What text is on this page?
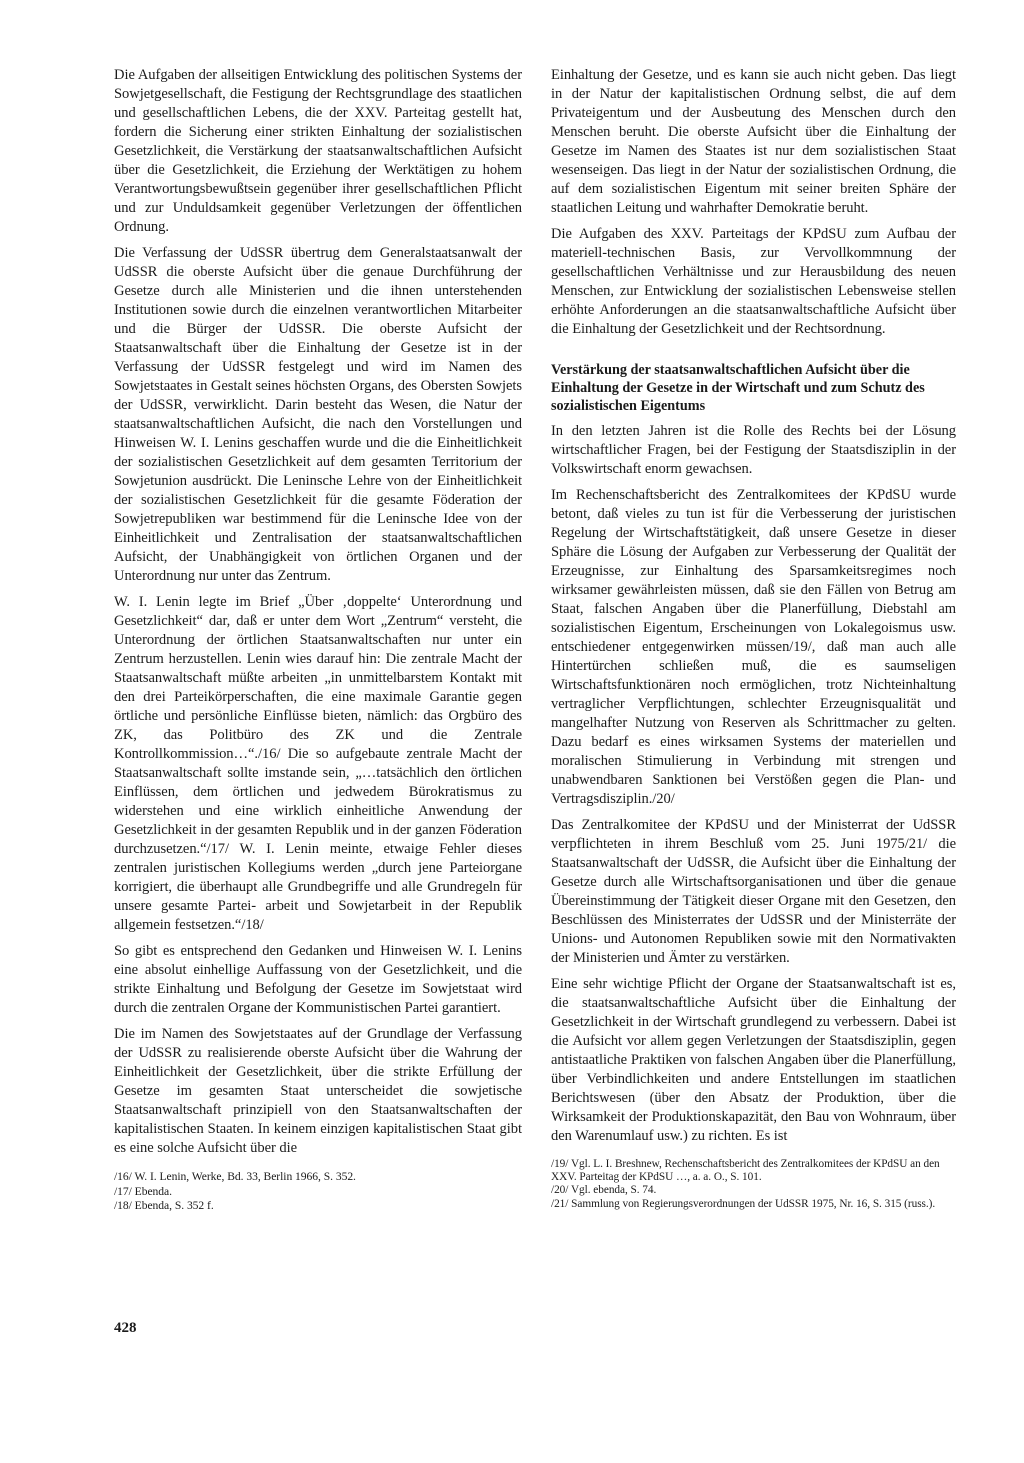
Die Aufgaben der allseitigen Entwicklung des politischen Systems der Sowjetgesellschaft, die Festigung der Rechtsgrundlage des staatlichen und gesellschaftlichen Lebens, die der XXV. Parteitag gestellt hat, fordern die Sicherung einer strikten Einhaltung der sozialistischen Gesetzlichkeit, die Verstärkung der staatsanwaltschaftlichen Aufsicht über die Gesetzlichkeit, die Erziehung der Werktätigen zu hohem Verantwortungsbewußtsein gegenüber ihrer gesellschaftlichen Pflicht und zur Unduldsamkeit gegenüber Verletzungen der öffentlichen Ordnung.

Die Verfassung der UdSSR übertrug dem Generalstaatsanwalt der UdSSR die oberste Aufsicht über die genaue Durchführung der Gesetze durch alle Ministerien und die ihnen unterstehenden Institutionen sowie durch die einzelnen verantwortlichen Mitarbeiter und die Bürger der UdSSR. Die oberste Aufsicht der Staatsanwaltschaft über die Einhaltung der Gesetze ist in der Verfassung der UdSSR festgelegt und wird im Namen des Sowjetstaates in Gestalt seines höchsten Organs, des Obersten Sowjets der UdSSR, verwirklicht. Darin besteht das Wesen, die Natur der staatsanwaltschaftlichen Aufsicht, die nach den Vorstellungen und Hinweisen W. I. Lenins geschaffen wurde und die die Einheitlichkeit der sozialistischen Gesetzlichkeit auf dem gesamten Territorium der Sowjetunion ausdrückt. Die Leninsche Lehre von der Einheitlichkeit der sozialistischen Gesetzlichkeit für die gesamte Föderation der Sowjetrepubliken war bestimmend für die Leninsche Idee von der Einheitlichkeit und Zentralisation der staatsanwaltschaftlichen Aufsicht, der Unabhängigkeit von örtlichen Organen und der Unterordnung nur unter das Zentrum.

W. I. Lenin legte im Brief „Über ‚doppelte‘ Unterordnung und Gesetzlichkeit“ dar, daß er unter dem Wort „Zentrum“ versteht, die Unterordnung der örtlichen Staatsanwaltschaften nur unter ein Zentrum herzustellen. Lenin wies darauf hin: Die zentrale Macht der Staatsanwaltschaft müßte arbeiten „in unmittelbarstem Kontakt mit den drei Parteikörperschaften, die eine maximale Garantie gegen örtliche und persönliche Einflüsse bieten, nämlich: das Orgbüro des ZK, das Politbüro des ZK und die Zentrale Kontrollkommission…“./16/ Die so aufgebaute zentrale Macht der Staatsanwaltschaft sollte imstande sein, „…tatsächlich den örtlichen Einflüssen, dem örtlichen und jedwedem Bürokratismus zu widerstehen und eine wirklich einheitliche Anwendung der Gesetzlichkeit in der gesamten Republik und in der ganzen Föderation durchzusetzen.“/17/ W. I. Lenin meinte, etwaige Fehler dieses zentralen juristischen Kollegiums werden „durch jene Parteiorgane korrigiert, die überhaupt alle Grundbegriffe und alle Grundregeln für unsere gesamte Partei- arbeit und Sowjetarbeit in der Republik allgemein festsetzen.“/18/

So gibt es entsprechend den Gedanken und Hinweisen W. I. Lenins eine absolut einhellige Auffassung von der Gesetzlichkeit, und die strikte Einhaltung und Befolgung der Gesetze im Sowjetstaat wird durch die zentralen Organe der Kommunistischen Partei garantiert.

Die im Namen des Sowjetstaates auf der Grundlage der Verfassung der UdSSR zu realisierende oberste Aufsicht über die Wahrung der Einheitlichkeit der Gesetzlichkeit, über die strikte Erfüllung der Gesetze im gesamten Staat unterscheidet die sowjetische Staatsanwaltschaft prinzipiell von den Staatsanwaltschaften der kapitalistischen Staaten. In keinem einzigen kapitalistischen Staat gibt es eine solche Aufsicht über die

/16/ W. I. Lenin, Werke, Bd. 33, Berlin 1966, S. 352.

/17/ Ebenda.

/18/ Ebenda, S. 352 f.

Einhaltung der Gesetze, und es kann sie auch nicht geben. Das liegt in der Natur der kapitalistischen Ordnung selbst, die auf dem Privateigentum und der Ausbeutung des Menschen durch den Menschen beruht. Die oberste Aufsicht über die Einhaltung der Gesetze im Namen des Staates ist nur dem sozialistischen Staat wesenseigen. Das liegt in der Natur der sozialistischen Ordnung, die auf dem sozialistischen Eigentum mit seiner breiten Sphäre der staatlichen Leitung und wahrhafter Demokratie beruht.

Die Aufgaben des XXV. Parteitags der KPdSU zum Aufbau der materiell-technischen Basis, zur Vervollkommnung der gesellschaftlichen Verhältnisse und zur Herausbildung des neuen Menschen, zur Entwicklung der sozialistischen Lebensweise stellen erhöhte Anforderungen an die staatsanwaltschaftliche Aufsicht über die Einhaltung der Gesetzlichkeit und der Rechtsordnung.

Verstärkung der staatsanwaltschaftlichen Aufsicht über die Einhaltung der Gesetze in der Wirtschaft und zum Schutz des sozialistischen Eigentums

In den letzten Jahren ist die Rolle des Rechts bei der Lösung wirtschaftlicher Fragen, bei der Festigung der Staatsdisziplin in der Volkswirtschaft enorm gewachsen.

Im Rechenschaftsbericht des Zentralkomitees der KPdSU wurde betont, daß vieles zu tun ist für die Verbesserung der juristischen Regelung der Wirtschaftstätigkeit, daß unsere Gesetze in dieser Sphäre die Lösung der Aufgaben zur Verbesserung der Qualität der Erzeugnisse, zur Einhaltung des Sparsamkeitsregimes noch wirksamer gewährleisten müssen, daß sie den Fällen von Betrug am Staat, falschen Angaben über die Planerfüllung, Diebstahl am sozialistischen Eigentum, Erscheinungen von Lokalegoismus usw. entschiedener entgegenwirken müssen/19/, daß man auch alle Hintertürchen schließen muß, die es saumseligen Wirtschaftsfunktionären noch ermöglichen, trotz Nichteinhaltung vertraglicher Verpflichtungen, schlechter Erzeugnisqualität und mangelhafter Nutzung von Reserven als Schrittmacher zu gelten. Dazu bedarf es eines wirksamen Systems der materiellen und moralischen Stimulierung in Verbindung mit strengen und unabwendbaren Sanktionen bei Verstößen gegen die Plan- und Vertragsdisziplin./20/

Das Zentralkomitee der KPdSU und der Ministerrat der UdSSR verpflichteten in ihrem Beschluß vom 25. Juni 1975/21/ die Staatsanwaltschaft der UdSSR, die Aufsicht über die Einhaltung der Gesetze durch alle Wirtschaftsorganisationen und über die genaue Übereinstimmung der Tätigkeit dieser Organe mit den Gesetzen, den Beschlüssen des Ministerrates der UdSSR und der Ministerräte der Unions- und Autonomen Republiken sowie mit den Normativakten der Ministerien und Ämter zu verstärken.

Eine sehr wichtige Pflicht der Organe der Staatsanwaltschaft ist es, die staatsanwaltschaftliche Aufsicht über die Einhaltung der Gesetzlichkeit in der Wirtschaft grundlegend zu verbessern. Dabei ist die Aufsicht vor allem gegen Verletzungen der Staatsdisziplin, gegen antistaatliche Praktiken von falschen Angaben über die Planerfüllung, über Verbindlichkeiten und andere Entstellungen im staatlichen Berichtswesen (über den Absatz der Produktion, über die Wirksamkeit der Produktionskapazität, den Bau von Wohnraum, über den Warenumlauf usw.) zu richten. Es ist

/19/ Vgl. L. I. Breshnew, Rechenschaftsbericht des Zentralkomitees der KPdSU an den XXV. Parteitag der KPdSU …, a. a. O., S. 101.

/20/ Vgl. ebenda, S. 74.

/21/ Sammlung von Regierungsverordnungen der UdSSR 1975, Nr. 16, S. 315 (russ.).

428
